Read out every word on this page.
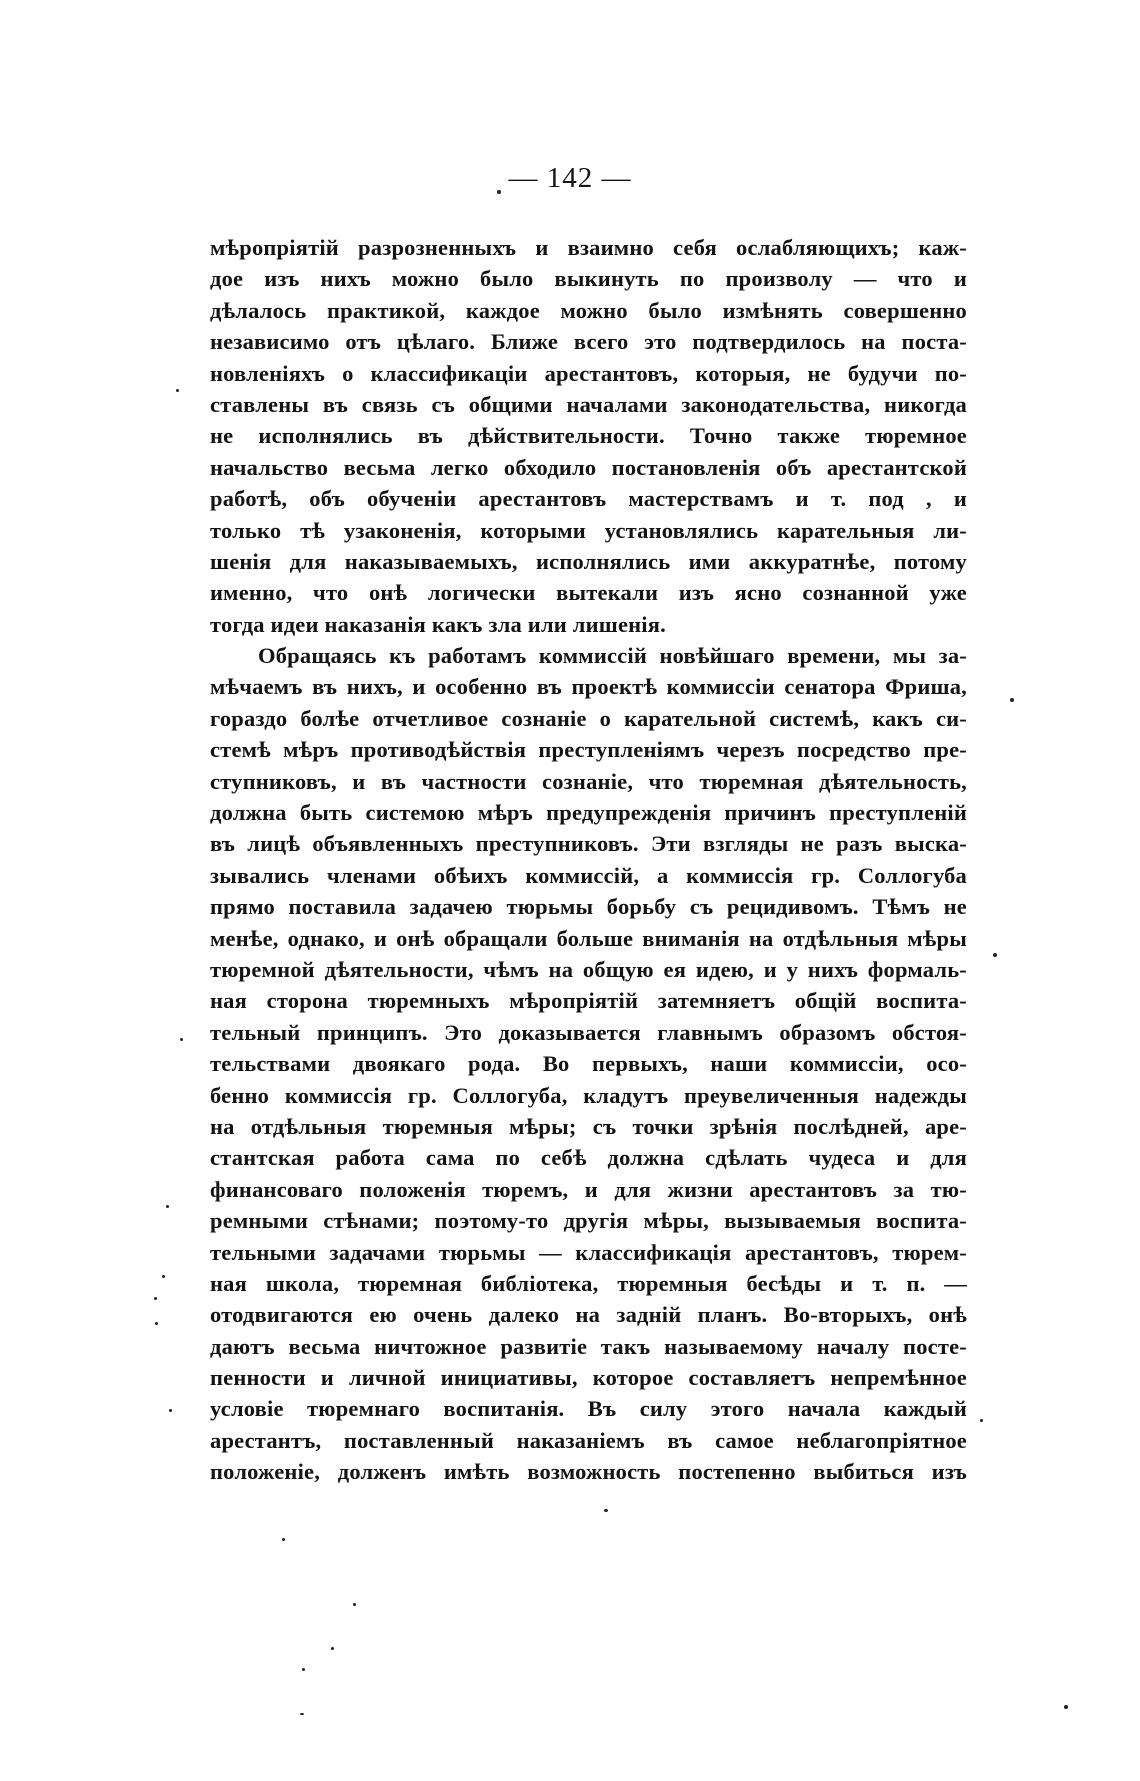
— 142 —
мѣропріятій разрозненныхъ и взаимно себя ослабляющихъ; каж-
дое изъ нихъ можно было выкинуть по произволу — что и
дѣлалось практикой, каждое можно было измѣнять совершенно
независимо отъ цѣлаго. Ближе всего это подтвердилось на поста-
новленіяхъ о классификаціи арестантовъ, которыя, не будучи по-
ставлены въ связь съ общими началами законодательства, никогда
не исполнялись въ дѣйствительности. Точно также тюремное
начальство весьма легко обходило постановленія объ арестантской
работѣ, объ обученіи арестантовъ мастерствамъ и т. под , и
только тѣ узаконенія, которыми установлялись карательныя ли-
шенія для наказываемыхъ, исполнялись ими аккуратнѣе, потому
именно, что онѣ логически вытекали изъ ясно сознанной уже
тогда идеи наказанія какъ зла или лишенія.
Обращаясь къ работамъ коммиссій новѣйшаго времени, мы за-
мѣчаемъ въ нихъ, и особенно въ проектѣ коммиссіи сенатора Фриша,
гораздо болѣе отчетливое сознаніе о карательной системѣ, какъ си-
стемѣ мѣръ противодѣйствія преступленіямъ черезъ посредство пре-
ступниковъ, и въ частности сознаніе, что тюремная дѣятельность,
должна быть системою мѣръ предупрежденія причинъ преступленій
въ лицѣ объявленныхъ преступниковъ. Эти взгляды не разъ выска-
зывались членами обѣихъ коммиссій, а коммиссія гр. Соллогуба
прямо поставила задачею тюрьмы борьбу съ рецидивомъ. Тѣмъ не
менѣе, однако, и онѣ обращали больше вниманія на отдѣльныя мѣры
тюремной дѣятельности, чѣмъ на общую ея идею, и у нихъ формаль-
ная сторона тюремныхъ мѣропріятій затемняетъ общій воспита-
тельный принципъ. Это доказывается главнымъ образомъ обстоя-
тельствами двоякаго рода. Во первыхъ, наши коммиссіи, осо-
бенно коммиссія гр. Соллогуба, кладутъ преувеличенныя надежды
на отдѣльныя тюремныя мѣры; съ точки зрѣнія послѣдней, аре-
стантская работа сама по себѣ должна сдѣлать чудеса и для
финансоваго положенія тюремъ, и для жизни арестантовъ за тю-
ремными стѣнами; поэтому-то другія мѣры, вызываемыя воспита-
тельными задачами тюрьмы — классификація арестантовъ, тюрем-
ная школа, тюремная библіотека, тюремныя бесѣды и т. п. —
отодвигаются ею очень далеко на задній планъ. Во-вторыхъ, онѣ
даютъ весьма ничтожное развитіе такъ называемому началу посте-
пенности и личной инициативы, которое составляетъ непремѣнное
условіе тюремнаго воспитанія. Въ силу этого начала каждый
арестантъ, поставленный наказаніемъ въ самое неблагопріятное
положеніе, долженъ имѣть возможность постепенно выбиться изъ
